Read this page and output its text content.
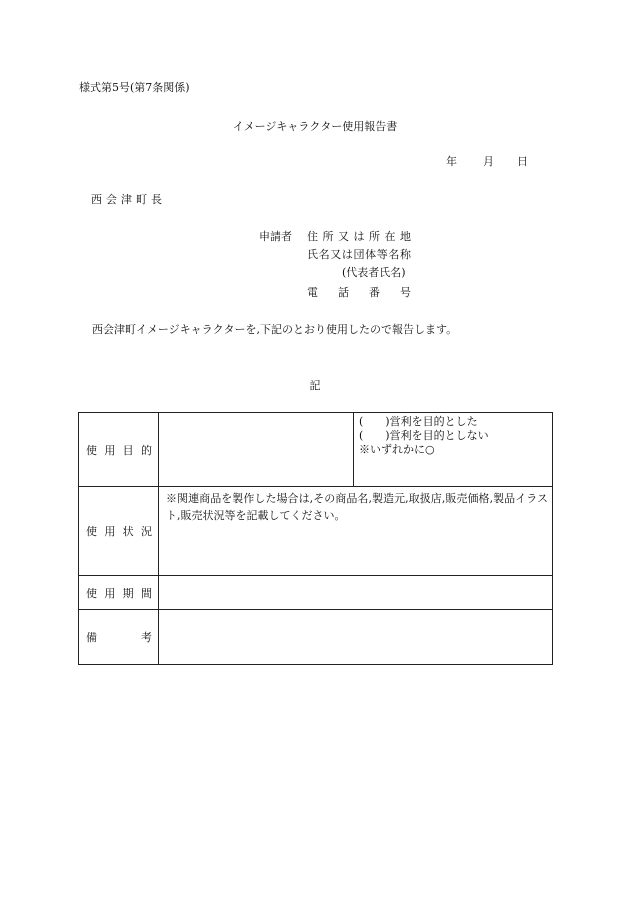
様式第5号(第7条関係)
イメージキャラクター使用報告書
年 月 日
西会津町長
申請者 住所又は所在地
氏名又は団体等名称
(代表者氏名)
電話番号
西会津町イメージキャラクターを,下記のとおり使用したので報告します。
記
使用目的		(　　)営利を目的とした
(　　)営利を目的としない
※いずれかに○

使用状況	※関連商品を製作した場合は,その商品名,製造元,取扱店,販売価格,製品イラスト,販売状況等を記載してください。	

使用期間		

備考		
